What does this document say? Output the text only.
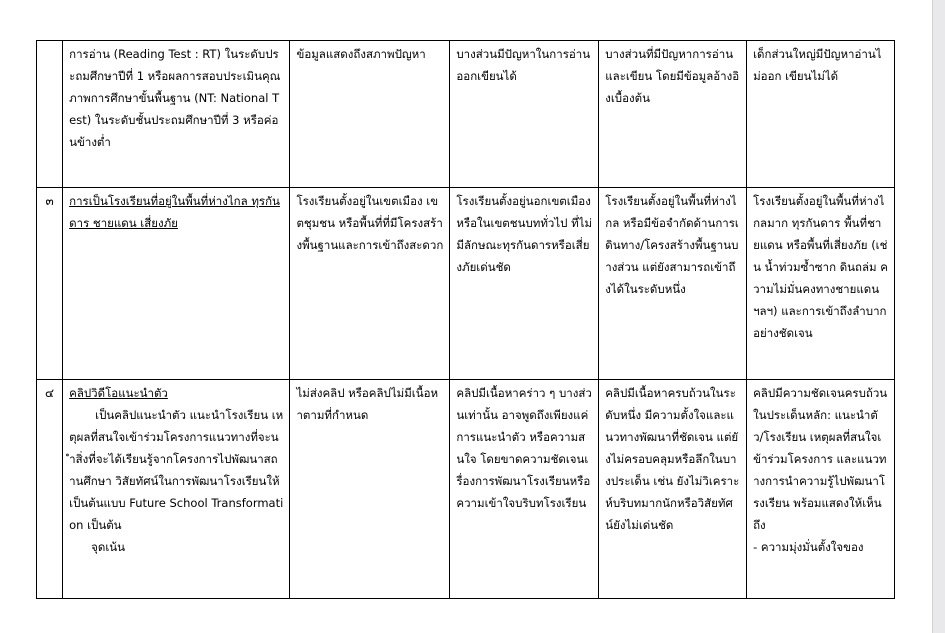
	การอ่าน (Reading Test : RT) ในระดับประถมศึกษาปีที่ 1 หรือผลการสอบประเมินคุณภาพการศึกษาขั้นพื้นฐาน (NT: National Test) ในระดับชั้นประถมศึกษาปีที่ 3 หรือค่อนข้างต่ำ	ข้อมูลแสดงถึงสภาพปัญหา	บางส่วนมีปัญหาในการอ่านออกเขียนได้	บางส่วนที่มีปัญหาการอ่านและเขียน โดยมีข้อมูลอ้างอิงเบื้องต้น	เด็กส่วนใหญ่มีปัญหาอ่านไม่ออก เขียนไม่ได้

๓	การเป็นโรงเรียนที่อยู่ในพื้นที่ห่างไกล ทุรกันดาร ชายแดน เสี่ยงภัย	โรงเรียนตั้งอยู่ในเขตเมือง เขตชุมชน หรือพื้นที่ที่มีโครงสร้างพื้นฐานและการเข้าถึงสะดวก	โรงเรียนตั้งอยู่นอกเขตเมืองหรือในเขตชนบททั่วไป ที่ไม่มีลักษณะทุรกันดารหรือเสี่ยงภัยเด่นชัด	โรงเรียนตั้งอยู่ในพื้นที่ห่างไกล หรือมีข้อจำกัดด้านการเดินทาง/โครงสร้างพื้นฐานบางส่วน แต่ยังสามารถเข้าถึงได้ในระดับหนึ่ง	โรงเรียนตั้งอยู่ในพื้นที่ห่างไกลมาก ทุรกันดาร พื้นที่ชายแดน หรือพื้นที่เสี่ยงภัย (เช่น น้ำท่วมซ้ำซาก ดินถล่ม ความไม่มั่นคงทางชายแดน ฯลฯ) และการเข้าถึงลำบากอย่างชัดเจน

๔	คลิปวิดีโอแนะนำตัว
เป็นคลิปแนะนำตัว แนะนำโรงเรียน เหตุผลที่สนใจเข้าร่วมโครงการแนวทางที่จะนำสิ่งที่จะได้เรียนรู้จากโครงการไปพัฒนาสถานศึกษา วิสัยทัศน์ในการพัฒนาโรงเรียนให้เป็นต้นแบบ Future School Transformation เป็นต้น
จุดเน้น	ไม่ส่งคลิป หรือคลิปไม่มีเนื้อหาตามที่กำหนด	คลิปมีเนื้อหาคร่าว ๆ บางส่วนเท่านั้น อาจพูดถึงเพียงแค่การแนะนำตัว หรือความสนใจ โดยขาดความชัดเจนเรื่องการพัฒนาโรงเรียนหรือความเข้าใจบริบทโรงเรียน	คลิปมีเนื้อหาครบถ้วนในระดับหนึ่ง มีความตั้งใจและแนวทางพัฒนาที่ชัดเจน แต่ยังไม่ครอบคลุมหรือลึกในบางประเด็น เช่น ยังไม่วิเคราะห์บริบทมากนักหรือวิสัยทัศน์ยังไม่เด่นชัด	คลิปมีความชัดเจนครบถ้วนในประเด็นหลัก: แนะนำตัว/โรงเรียน เหตุผลที่สนใจเข้าร่วมโครงการ และแนวทางการนำความรู้ไปพัฒนาโรงเรียน พร้อมแสดงให้เห็นถึง
- ความมุ่งมั่นตั้งใจของ
